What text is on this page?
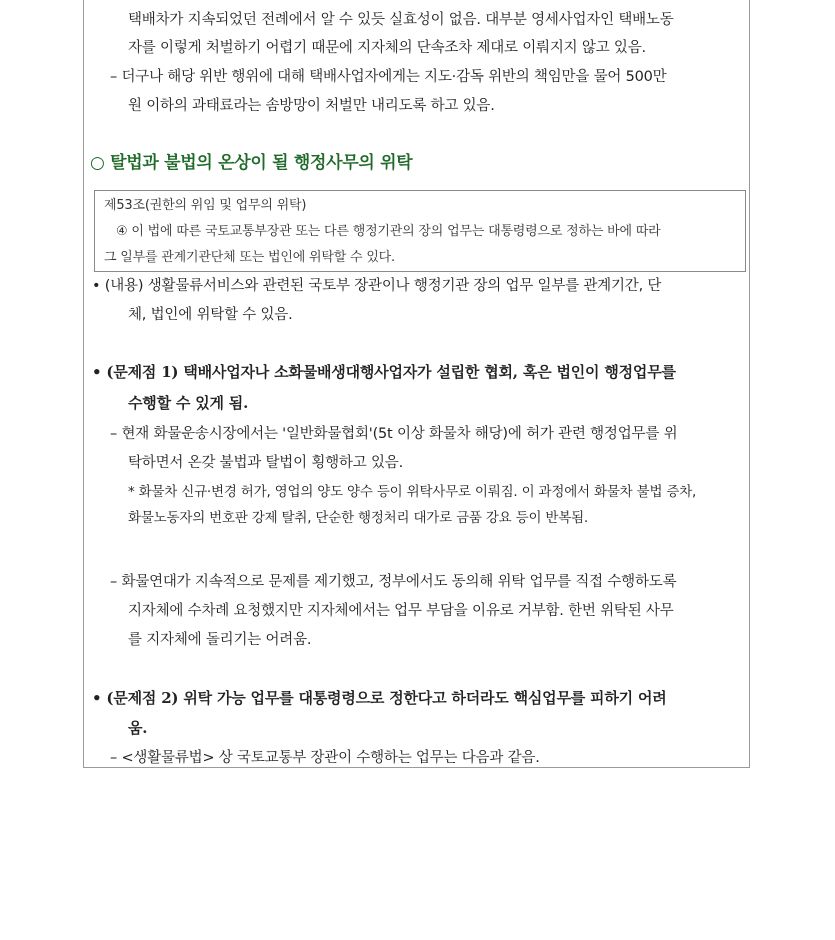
택배차가 지속되었던 전례에서 알 수 있듯 실효성이 없음. 대부분 영세사업자인 택배노동
자를 이렇게 처벌하기 어렵기 때문에 지자체의 단속조차 제대로 이뤄지지 않고 있음.
– 더구나 해당 위반 행위에 대해 택배사업자에게는 지도·감독 위반의 책임만을 물어 500만
원 이하의 과태료라는 솜방망이 처벌만 내리도록 하고 있음.
○ 탈법과 불법의 온상이 될 행정사무의 위탁
제53조(권한의 위임 및 업무의 위탁)
④ 이 법에 따른 국토교통부장관 또는 다른 행정기관의 장의 업무는 대통령령으로 정하는 바에 따라
그 일부를 관계기관단체 또는 법인에 위탁할 수 있다.
• (내용) 생활물류서비스와 관련된 국토부 장관이나 행정기관 장의 업무 일부를 관계기간, 단
체, 법인에 위탁할 수 있음.
• (문제점 1) 택배사업자나 소화물배생대행사업자가 설립한 협회, 혹은 법인이 행정업무를
수행할 수 있게 됨.
– 현재 화물운송시장에서는 '일반화물협회'(5t 이상 화물차 해당)에 허가 관련 행정업무를 위
탁하면서 온갖 불법과 탈법이 횡행하고 있음.
* 화물차 신규·변경 허가, 영업의 양도 양수 등이 위탁사무로 이뤄짐. 이 과정에서 화물차 불법 증차,
화물노동자의 번호판 강제 탈취, 단순한 행정처리 대가로 금품 강요 등이 반복됨.
– 화물연대가 지속적으로 문제를 제기했고, 정부에서도 동의해 위탁 업무를 직접 수행하도록
지자체에 수차례 요청했지만 지자체에서는 업무 부담을 이유로 거부함. 한번 위탁된 사무
를 지자체에 돌리기는 어려움.
• (문제점 2) 위탁 가능 업무를 대통령령으로 정한다고 하더라도 핵심업무를 피하기 어려
움.
– <생활물류법> 상 국토교통부 장관이 수행하는 업무는 다음과 같음.
